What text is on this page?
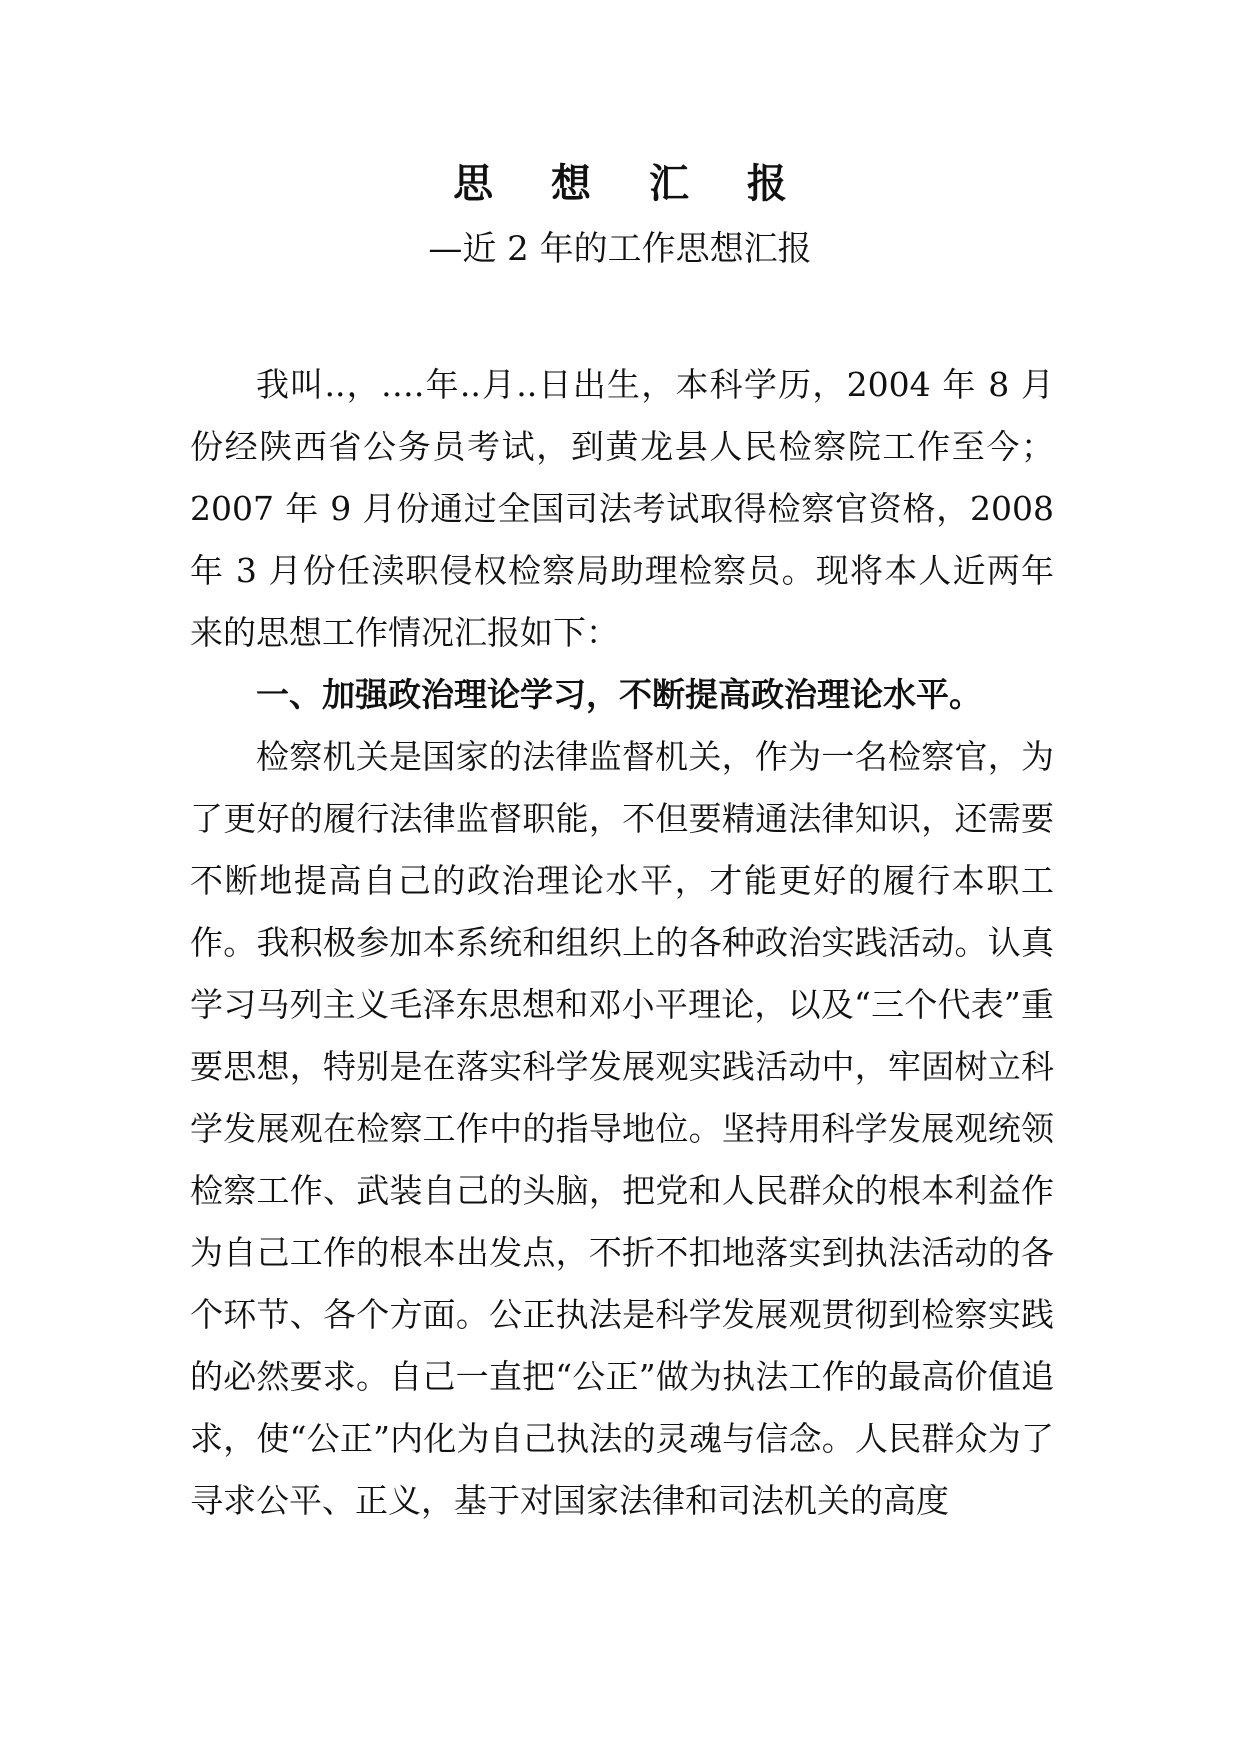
思 想 汇 报
—近 2 年的工作思想汇报

我叫..，….年..月..日出生，本科学历，2004 年 8 月份经陕西省公务员考试，到黄龙县人民检察院工作至今；2007 年 9 月份通过全国司法考试取得检察官资格，2008 年 3 月份任渎职侵权检察局助理检察员。现将本人近两年来的思想工作情况汇报如下：

一、加强政治理论学习，不断提高政治理论水平。

检察机关是国家的法律监督机关，作为一名检察官，为了更好的履行法律监督职能，不但要精通法律知识，还需要不断地提高自己的政治理论水平，才能更好的履行本职工作。我积极参加本系统和组织上的各种政治实践活动。认真学习马列主义毛泽东思想和邓小平理论，以及“三个代表”重要思想，特别是在落实科学发展观实践活动中，牢固树立科学发展观在检察工作中的指导地位。坚持用科学发展观统领检察工作、武装自己的头脑，把党和人民群众的根本利益作为自己工作的根本出发点，不折不扣地落实到执法活动的各个环节、各个方面。公正执法是科学发展观贯彻到检察实践的必然要求。自己一直把“公正”做为执法工作的最高价值追求，使“公正”内化为自己执法的灵魂与信念。人民群众为了寻求公平、正义，基于对国家法律和司法机关的高度
